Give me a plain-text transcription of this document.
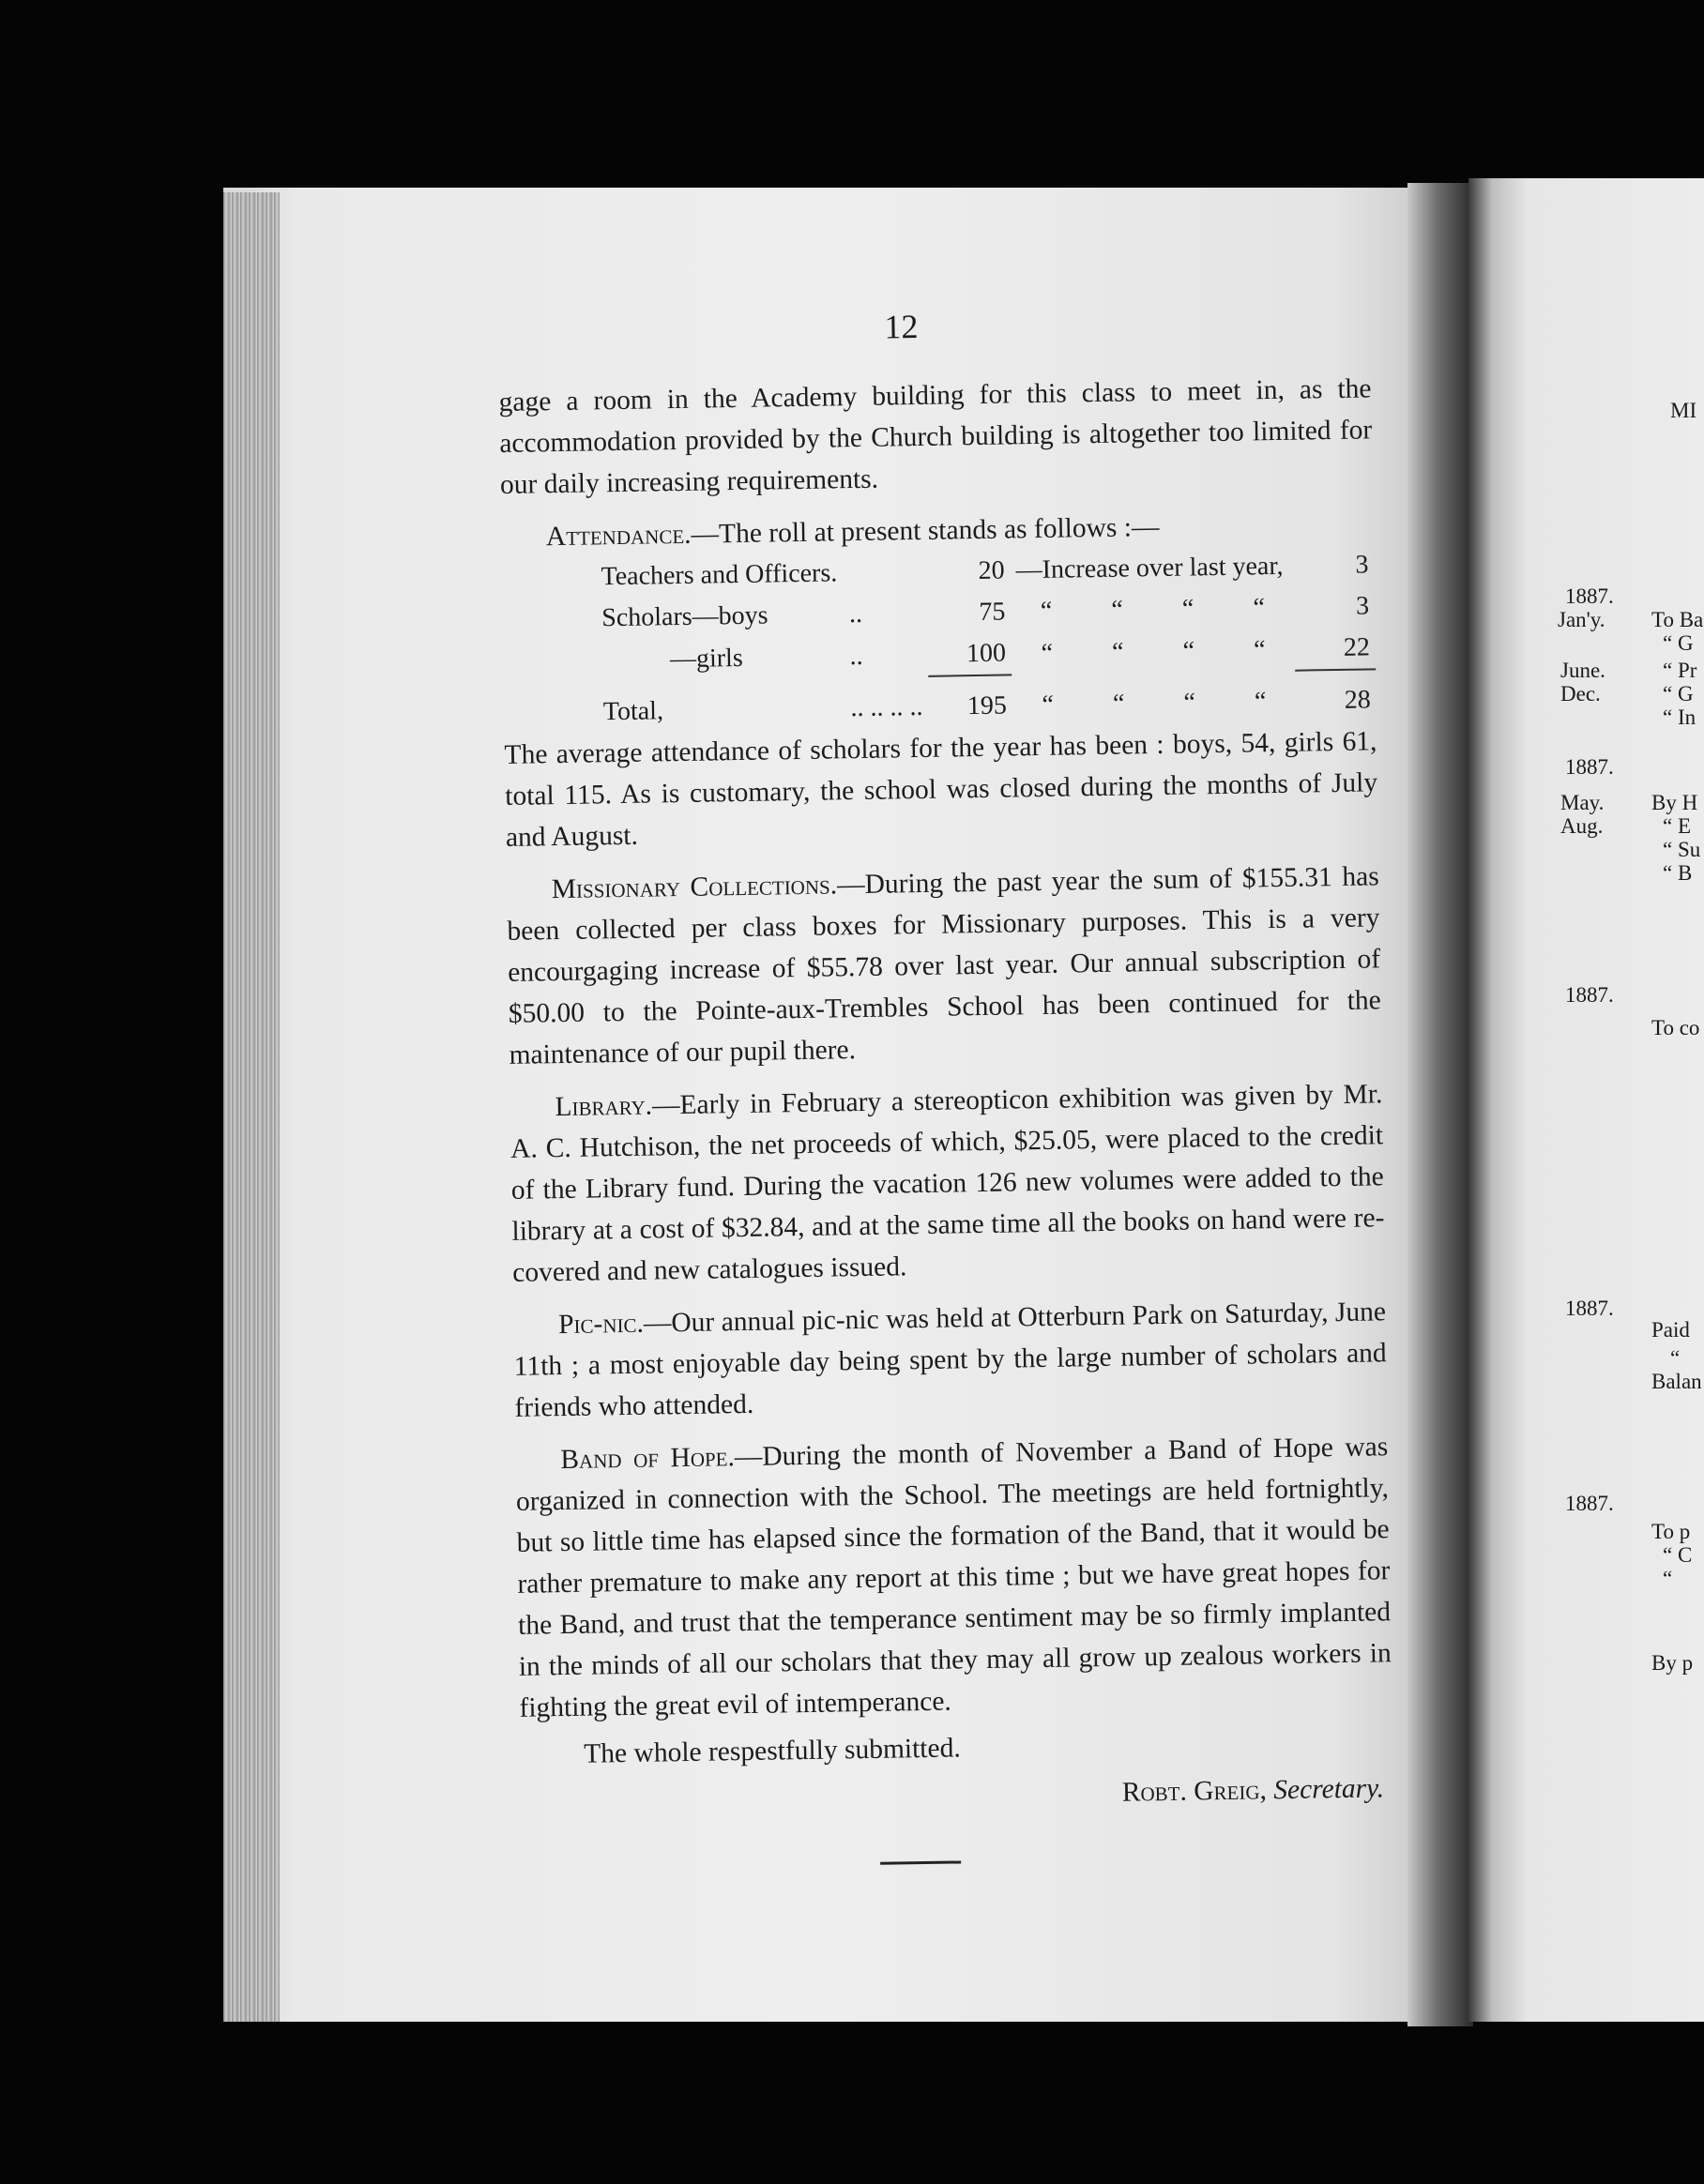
MI
1887.
Jan'y. To Ba
“ G
June.	“ Pr
Dec.	“ G
“ In
1887.
May. By H
Aug.	“ E
“ Su
“ B
1887.
To co
1887.
Paid
“
Balan
1887.
To p
“ C
“
By p
12

gage a room in the Academy building for this class to meet in, as the accommodation provided by the Church building is altogether too limited for our daily increasing requirements.

Attendance.—The roll at present stands as follows :—

Teachers and Officers.		20	—Increase over last year,				3
Scholars—boys	..	75	“	“	“	“	3
—girls	..	100	“	“	“	“	22
Total,	.. .. .. ..	195	“	“	“	“	28

The average attendance of scholars for the year has been : boys, 54, girls 61, total 115. As is customary, the school was closed during the months of July and August.

Missionary Collections.—During the past year the sum of $155.31 has been collected per class boxes for Missionary purposes. This is a very encourgaging increase of $55.78 over last year. Our annual subscription of $50.00 to the Pointe-aux-Trembles School has been continued for the maintenance of our pupil there.

Library.—Early in February a stereopticon exhibition was given by Mr. A. C. Hutchison, the net proceeds of which, $25.05, were placed to the credit of the Library fund. During the vacation 126 new volumes were added to the library at a cost of $32.84, and at the same time all the books on hand were re-covered and new catalogues issued.

Pic-nic.—Our annual pic-nic was held at Otterburn Park on Saturday, June 11th ; a most enjoyable day being spent by the large number of scholars and friends who attended.

Band of Hope.—During the month of November a Band of Hope was organized in connection with the School. The meetings are held fortnightly, but so little time has elapsed since the formation of the Band, that it would be rather premature to make any report at this time ; but we have great hopes for the Band, and trust that the temperance sentiment may be so firmly implanted in the minds of all our scholars that they may all grow up zealous workers in fighting the great evil of intemperance.

The whole respestfully submitted.

Robt. Greig, Secretary.
